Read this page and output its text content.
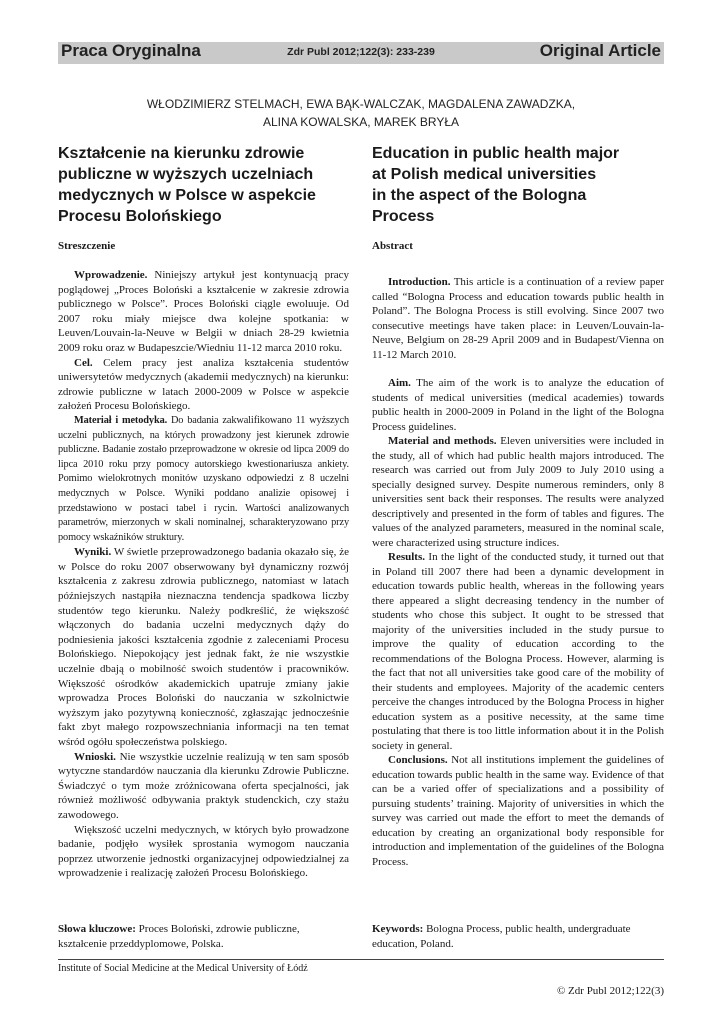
Praca Oryginalna	Zdr Publ 2012;122(3): 233-239	Original Article
WŁODZIMIERZ STELMACH, EWA BĄK-WALCZAK, MAGDALENA ZAWADZKA,
ALINA KOWALSKA, MAREK BRYŁA
Kształcenie na kierunku zdrowie
publiczne w wyższych uczelniach
medycznych w Polsce w aspekcie
Procesu Bolońskiego
Education in public health major
at Polish medical universities
in the aspect of the Bologna
Process
Streszczenie	Abstract

Wprowadzenie. Niniejszy artykuł jest kontynuacją pracy poglądowej „Proces Boloński a kształcenie w zakresie zdrowia publicznego w Polsce”. Proces Boloński ciągle ewoluuje. Od 2007 roku miały miejsce dwa kolejne spotkania: w Leuven/Louvain-la-Neuve w Belgii w dniach 28-29 kwietnia 2009 roku oraz w Budapeszcie/Wiedniu 11-12 marca 2010 roku.

Cel. Celem pracy jest analiza kształcenia studentów uniwersytetów medycznych (akademii medycznych) na kierunku: zdrowie publiczne w latach 2000-2009 w Polsce w aspekcie założeń Procesu Bolońskiego.

Materiał i metodyka. Do badania zakwalifikowano 11 wyższych uczelni publicznych, na których prowadzony jest kierunek zdrowie publiczne. Badanie zostało przeprowadzone w okresie od lipca 2009 do lipca 2010 roku przy pomocy autorskiego kwestionariusza ankiety. Pomimo wielokrotnych monitów uzyskano odpowiedzi z 8 uczelni medycznych w Polsce. Wyniki poddano analizie opisowej i przedstawiono w postaci tabel i rycin. Wartości analizowanych parametrów, mierzonych w skali nominalnej, scharakteryzowano przy pomocy wskaźników struktury.

Wyniki. W świetle przeprowadzonego badania okazało się, że w Polsce do roku 2007 obserwowany był dynamiczny rozwój kształcenia z zakresu zdrowia publicznego, natomiast w latach późniejszych nastąpiła nieznaczna tendencja spadkowa liczby studentów tego kierunku. Należy podkreślić, że większość włączonych do badania uczelni medycznych dąży do podniesienia jakości kształcenia zgodnie z zaleceniami Procesu Bolońskiego. Niepokojący jest jednak fakt, że nie wszystkie uczelnie dbają o mobilność swoich studentów i pracowników. Większość ośrodków akademickich upatruje zmiany jakie wprowadza Proces Boloński do nauczania w szkolnictwie wyższym jako pozytywną konieczność, zgłaszając jednocześnie fakt zbyt małego rozpowszechniania informacji na ten temat wśród ogółu społeczeństwa polskiego.

Wnioski. Nie wszystkie uczelnie realizują w ten sam sposób wytyczne standardów nauczania dla kierunku Zdrowie Publiczne. Świadczyć o tym może zróżnicowana oferta specjalności, jak również możliwość odbywania praktyk studenckich, czy stażu zawodowego.

Większość uczelni medycznych, w których było prowadzone badanie, podjęło wysiłek sprostania wymogom nauczania poprzez utworzenie jednostki organizacyjnej odpowiedzialnej za wprowadzenie i realizację założeń Procesu Bolońskiego.

Introduction. This article is a continuation of a review paper called “Bologna Process and education towards public health in Poland”. The Bologna Process is still evolving. Since 2007 two consecutive meetings have taken place: in Leuven/Louvain-la-Neuve, Belgium on 28-29 April 2009 and in Budapest/Vienna on 11-12 March 2010.

Aim. The aim of the work is to analyze the education of students of medical universities (medical academies) towards public health in 2000-2009 in Poland in the light of the Bologna Process guidelines.

Material and methods. Eleven universities were included in the study, all of which had public health majors introduced. The research was carried out from July 2009 to July 2010 using a specially designed survey. Despite numerous reminders, only 8 universities sent back their responses. The results were analyzed descriptively and presented in the form of tables and figures. The values of the analyzed parameters, measured in the nominal scale, were characterized using structure indices.

Results. In the light of the conducted study, it turned out that in Poland till 2007 there had been a dynamic development in education towards public health, whereas in the following years there appeared a slight decreasing tendency in the number of students who chose this subject. It ought to be stressed that majority of the universities included in the study pursue to improve the quality of education according to the recommendations of the Bologna Process. However, alarming is the fact that not all universities take good care of the mobility of their students and employees. Majority of the academic centers perceive the changes introduced by the Bologna Process in higher education system as a positive necessity, at the same time postulating that there is too little information about it in the Polish society in general.

Conclusions. Not all institutions implement the guidelines of education towards public health in the same way. Evidence of that can be a varied offer of specializations and a possibility of pursuing students’ training. Majority of universities in which the survey was carried out made the effort to meet the demands of education by creating an organizational body responsible for introduction and implementation of the guidelines of the Bologna Process.

Słowa kluczowe: Proces Boloński, zdrowie publiczne, kształcenie przeddyplomowe, Polska.
Keywords: Bologna Process, public health, undergraduate education, Poland.
Institute of Social Medicine at the Medical University of Łódź
© Zdr Publ 2012;122(3)
